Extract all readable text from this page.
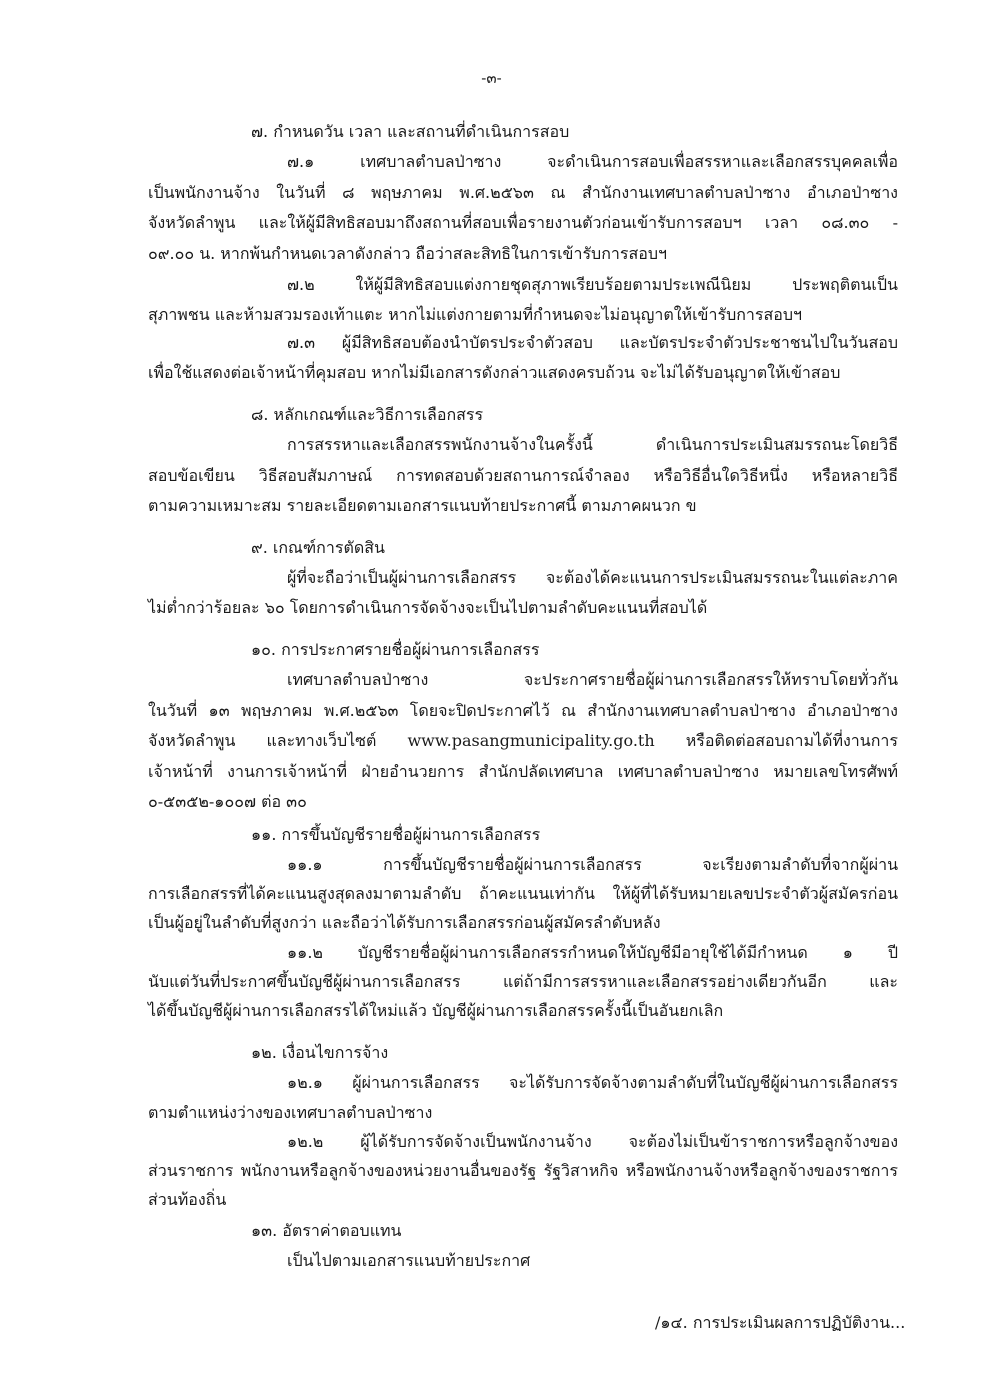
-๓-
๗. กำหนดวัน เวลา และสถานที่ดำเนินการสอบ
๗.๑ เทศบาลตำบลป่าซาง จะดำเนินการสอบเพื่อสรรหาและเลือกสรรบุคคลเพื่อ
เป็นพนักงานจ้าง ในวันที่ ๘ พฤษภาคม พ.ศ.๒๕๖๓ ณ สำนักงานเทศบาลตำบลป่าซาง อำเภอป่าซาง
จังหวัดลำพูน และให้ผู้มีสิทธิสอบมาถึงสถานที่สอบเพื่อรายงานตัวก่อนเข้ารับการสอบฯ เวลา ๐๘.๓๐ -
๐๙.๐๐ น. หากพ้นกำหนดเวลาดังกล่าว ถือว่าสละสิทธิในการเข้ารับการสอบฯ
๗.๒ ให้ผู้มีสิทธิสอบแต่งกายชุดสุภาพเรียบร้อยตามประเพณีนิยม ประพฤติตนเป็น
สุภาพชน และห้ามสวมรองเท้าแตะ หากไม่แต่งกายตามที่กำหนดจะไม่อนุญาตให้เข้ารับการสอบฯ
๗.๓ ผู้มีสิทธิสอบต้องนำบัตรประจำตัวสอบ และบัตรประจำตัวประชาชนไปในวันสอบ
เพื่อใช้แสดงต่อเจ้าหน้าที่คุมสอบ หากไม่มีเอกสารดังกล่าวแสดงครบถ้วน จะไม่ได้รับอนุญาตให้เข้าสอบ
๘. หลักเกณฑ์และวิธีการเลือกสรร
การสรรหาและเลือกสรรพนักงานจ้างในครั้งนี้ ดำเนินการประเมินสมรรถนะโดยวิธี
สอบข้อเขียน วิธีสอบสัมภาษณ์ การทดสอบด้วยสถานการณ์จำลอง หรือวิธีอื่นใดวิธีหนึ่ง หรือหลายวิธี
ตามความเหมาะสม รายละเอียดตามเอกสารแนบท้ายประกาศนี้ ตามภาคผนวก ข
๙. เกณฑ์การตัดสิน
ผู้ที่จะถือว่าเป็นผู้ผ่านการเลือกสรร จะต้องได้คะแนนการประเมินสมรรถนะในแต่ละภาค
ไม่ต่ำกว่าร้อยละ ๖๐ โดยการดำเนินการจัดจ้างจะเป็นไปตามลำดับคะแนนที่สอบได้
๑๐. การประกาศรายชื่อผู้ผ่านการเลือกสรร
เทศบาลตำบลป่าซาง จะประกาศรายชื่อผู้ผ่านการเลือกสรรให้ทราบโดยทั่วกัน
ในวันที่ ๑๓ พฤษภาคม พ.ศ.๒๕๖๓ โดยจะปิดประกาศไว้ ณ สำนักงานเทศบาลตำบลป่าซาง อำเภอป่าซาง
จังหวัดลำพูน และทางเว็บไซต์ www.pasangmunicipality.go.th หรือติดต่อสอบถามได้ที่งานการ
เจ้าหน้าที่ งานการเจ้าหน้าที่ ฝ่ายอำนวยการ สำนักปลัดเทศบาล เทศบาลตำบลป่าซาง หมายเลขโทรศัพท์
๐-๕๓๕๒-๑๐๐๗ ต่อ ๓๐
๑๑. การขึ้นบัญชีรายชื่อผู้ผ่านการเลือกสรร
๑๑.๑ การขึ้นบัญชีรายชื่อผู้ผ่านการเลือกสรร จะเรียงตามลำดับที่จากผู้ผ่าน
การเลือกสรรที่ได้คะแนนสูงสุดลงมาตามลำดับ ถ้าคะแนนเท่ากัน ให้ผู้ที่ได้รับหมายเลขประจำตัวผู้สมัครก่อน
เป็นผู้อยู่ในลำดับที่สูงกว่า และถือว่าได้รับการเลือกสรรก่อนผู้สมัครลำดับหลัง
๑๑.๒ บัญชีรายชื่อผู้ผ่านการเลือกสรรกำหนดให้บัญชีมีอายุใช้ได้มีกำหนด ๑ ปี
นับแต่วันที่ประกาศขึ้นบัญชีผู้ผ่านการเลือกสรร แต่ถ้ามีการสรรหาและเลือกสรรอย่างเดียวกันอีก และ
ได้ขึ้นบัญชีผู้ผ่านการเลือกสรรได้ใหม่แล้ว บัญชีผู้ผ่านการเลือกสรรครั้งนี้เป็นอันยกเลิก
๑๒. เงื่อนไขการจ้าง
๑๒.๑ ผู้ผ่านการเลือกสรร จะได้รับการจัดจ้างตามลำดับที่ในบัญชีผู้ผ่านการเลือกสรร
ตามตำแหน่งว่างของเทศบาลตำบลป่าซาง
๑๒.๒ ผู้ได้รับการจัดจ้างเป็นพนักงานจ้าง จะต้องไม่เป็นข้าราชการหรือลูกจ้างของ
ส่วนราชการ พนักงานหรือลูกจ้างของหน่วยงานอื่นของรัฐ รัฐวิสาหกิจ หรือพนักงานจ้างหรือลูกจ้างของราชการ
ส่วนท้องถิ่น
๑๓. อัตราค่าตอบแทน
เป็นไปตามเอกสารแนบท้ายประกาศ
/๑๔. การประเมินผลการปฏิบัติงาน...
